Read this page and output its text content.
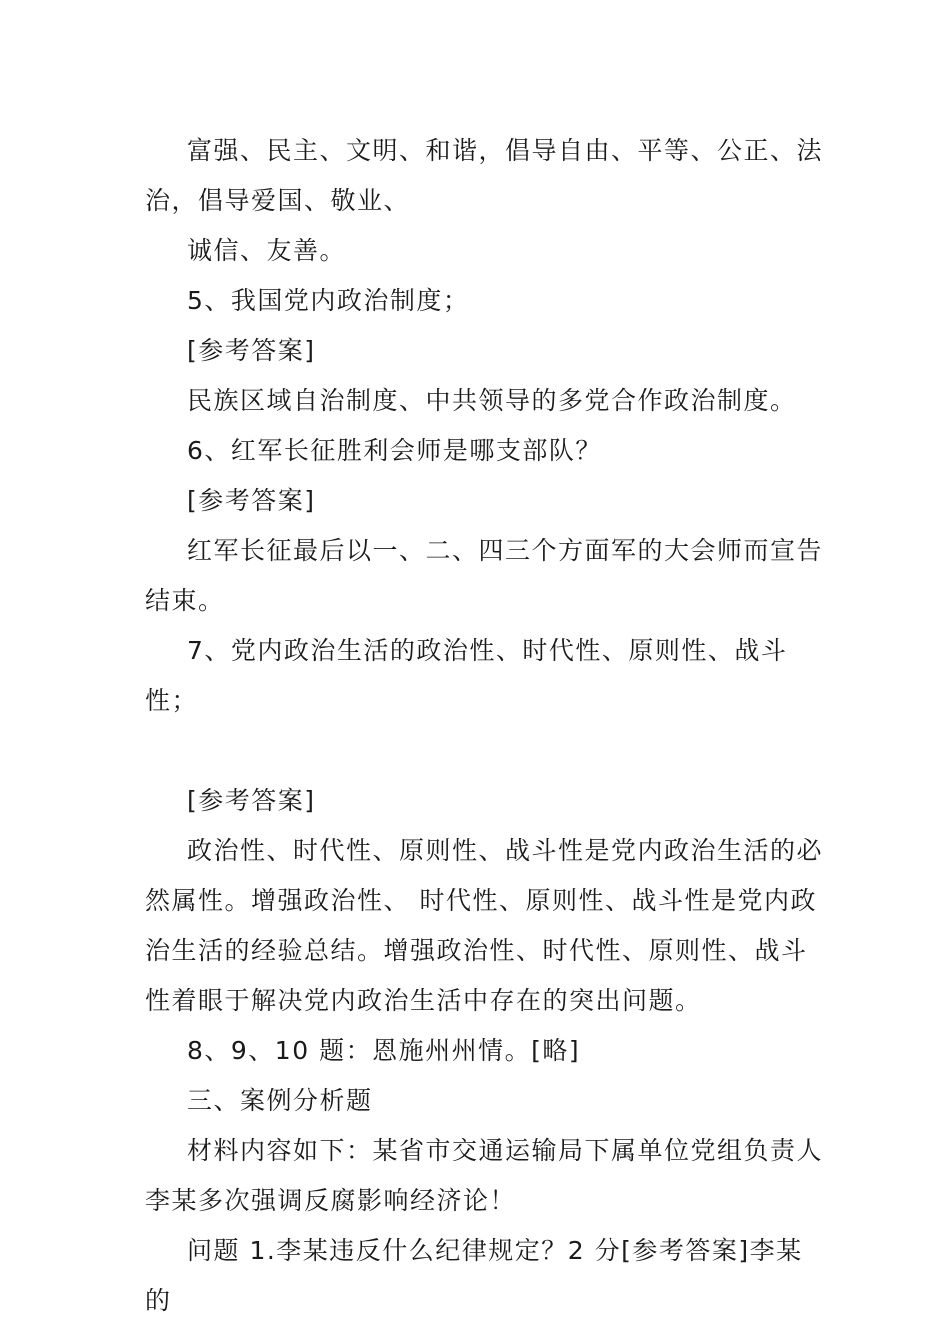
富强、民主、文明、和谐，倡导自由、平等、公正、法治，倡导爱国、敬业、

诚信、友善。

5、我国党内政治制度；

[参考答案]

民族区域自治制度、中共领导的多党合作政治制度。

6、红军长征胜利会师是哪支部队？

[参考答案]

红军长征最后以一、二、四三个方面军的大会师而宣告结束。

7、党内政治生活的政治性、时代性、原则性、战斗性；

[参考答案]

政治性、时代性、原则性、战斗性是党内政治生活的必然属性。增强政治性、 时代性、原则性、战斗性是党内政治生活的经验总结。增强政治性、时代性、原则性、战斗性着眼于解决党内政治生活中存在的突出问题。

8、9、10 题：恩施州州情。[略]

三、案例分析题

材料内容如下：某省市交通运输局下属单位党组负责人李某多次强调反腐影响经济论！

问题 1.李某违反什么纪律规定？2 分[参考答案]李某的
